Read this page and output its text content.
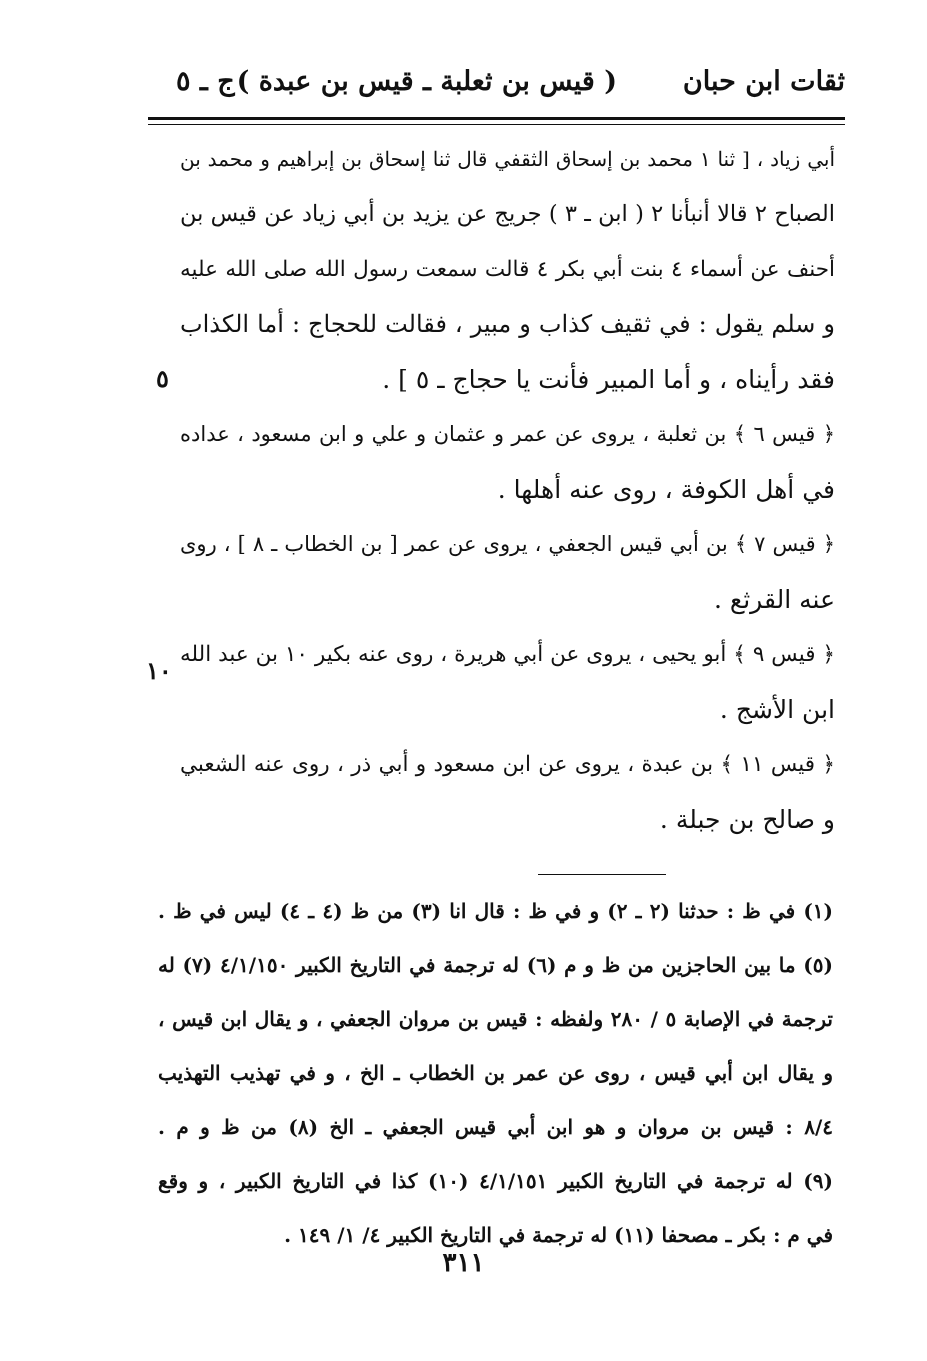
ثقات ابن حبان
( قيس بن ثعلبة ـ قيس بن عبدة )
ج ـ ٥
أبي زياد ، [ ثنا ١ محمد بن إسحاق الثقفي قال ثنا إسحاق بن إبراهيم و محمد بن
الصباح ٢ قالا أنبأنا ٢ ( ابن ـ ٣ ) جريج عن يزيد بن أبي زياد عن قيس بن
أحنف عن أسماء ٤ بنت أبي بكر ٤ قالت سمعت رسول الله صلى الله عليه
و سلم يقول : في ثقيف كذاب و مبير ، فقالت للحجاج : أما الكذاب
فقد رأيناه ، و أما المبير فأنت يا حجاج ـ ٥ ] .
﴿ قيس ٦ ﴾ بن ثعلبة ، يروى عن عمر و عثمان و علي و ابن مسعود ، عداده
في أهل الكوفة ، روى عنه أهلها .
﴿ قيس ٧ ﴾ بن أبي قيس الجعفي ، يروى عن عمر [ بن الخطاب ـ ٨ ] ، روى
عنه القرثع .
﴿ قيس ٩ ﴾ أبو يحيى ، يروى عن أبي هريرة ، روى عنه بكير ١٠ بن عبد الله
ابن الأشج .
﴿ قيس ١١ ﴾ بن عبدة ، يروى عن ابن مسعود و أبي ذر ، روى عنه الشعبي
و صالح بن جبلة .
٥
١٠
(١) في ظ : حدثنا (٢ ـ ٢) و في ظ : قال انا (٣) من ظ (٤ ـ ٤) ليس في ظ .
(٥) ما بين الحاجزين من ظ و م (٦) له ترجمة في التاريخ الكبير ٤/١/١٥٠ (٧) له
ترجمة في الإصابة ٥ / ٢٨٠ ولفظه : قيس بن مروان الجعفي ، و يقال ابن قيس ،
و يقال ابن أبي قيس ، روى عن عمر بن الخطاب ـ الخ ، و في تهذيب التهذيب
٨/٤ : قيس بن مروان و هو ابن أبي قيس الجعفي ـ الخ (٨) من ظ و م .
(٩) له ترجمة في التاريخ الكبير ٤/١/١٥١ (١٠) كذا في التاريخ الكبير ، و وقع
في م : بكر ـ مصحفا (١١) له ترجمة في التاريخ الكبير ٤/ ١/ ١٤٩ .
٣١١
